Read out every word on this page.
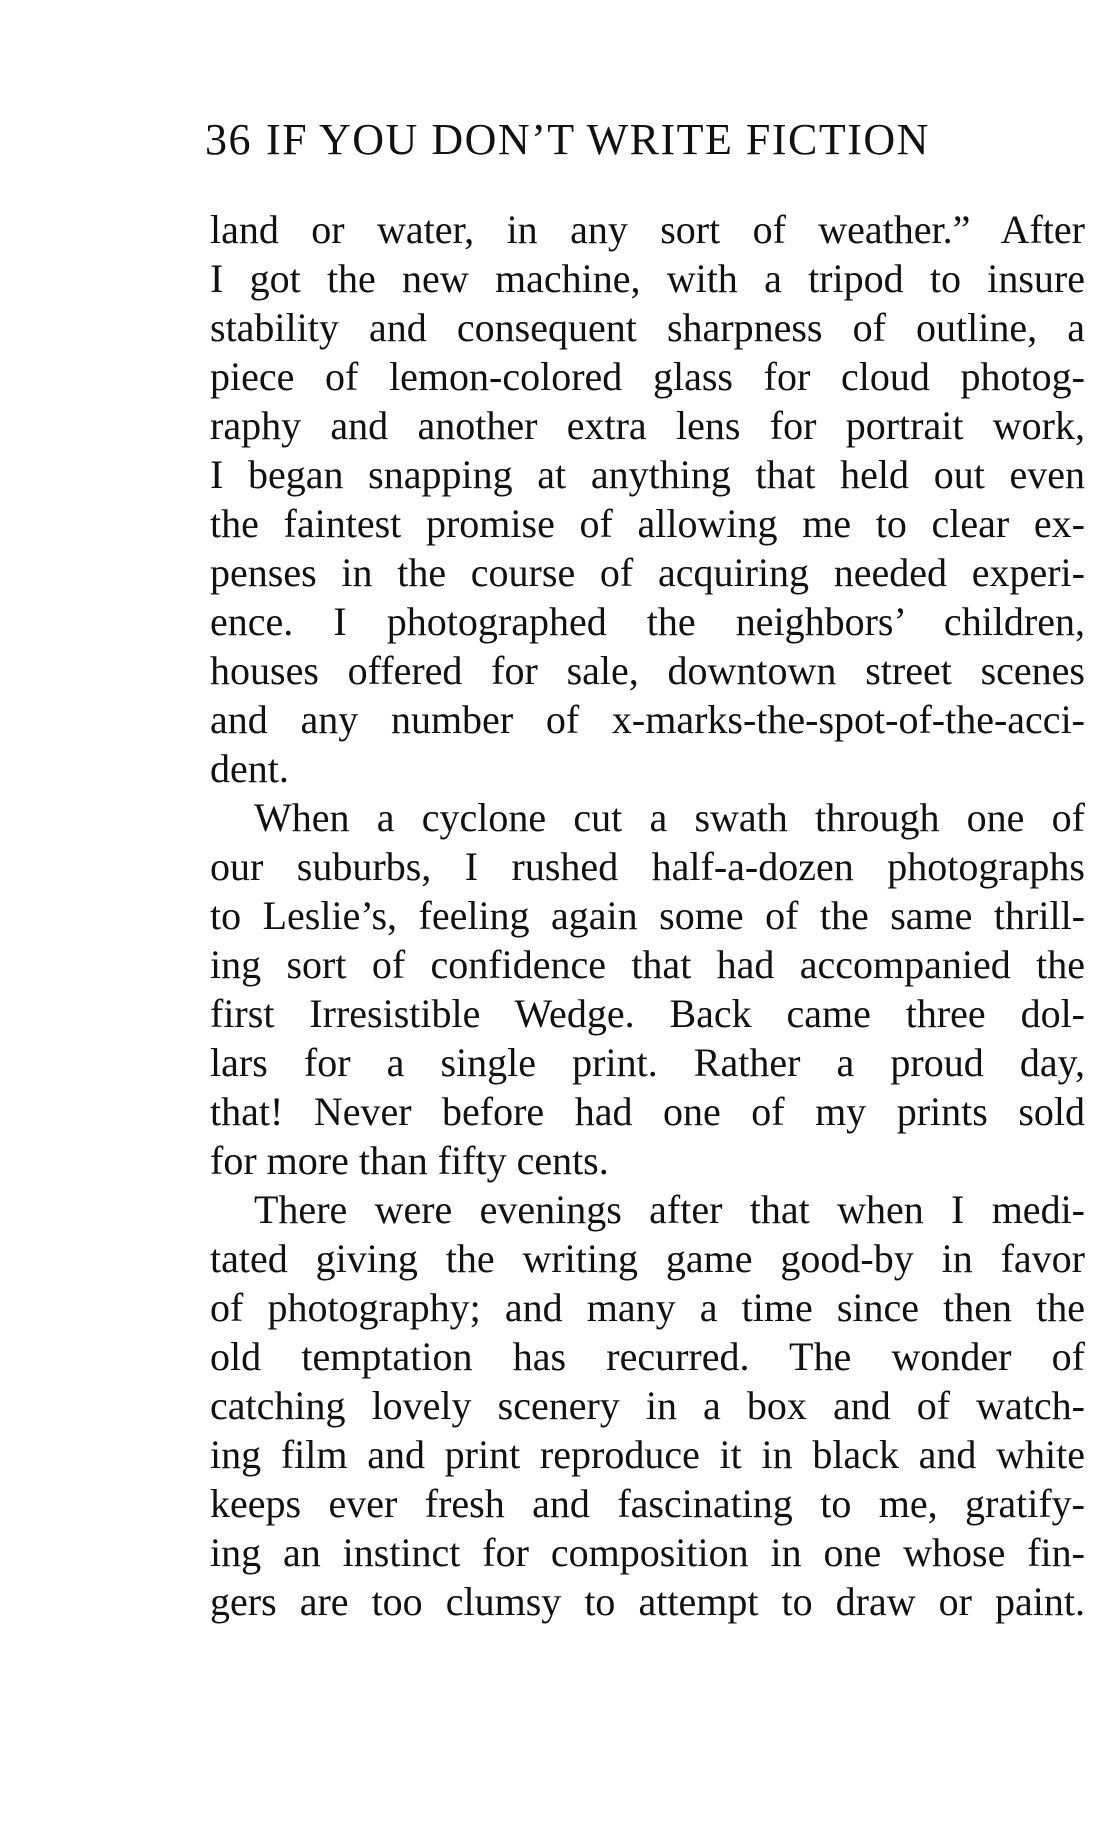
36 IF YOU DON’T WRITE FICTION
land or water, in any sort of weather.” After
I got the new machine, with a tripod to insure
stability and consequent sharpness of outline, a
piece of lemon-colored glass for cloud photog-
raphy and another extra lens for portrait work,
I began snapping at anything that held out even
the faintest promise of allowing me to clear ex-
penses in the course of acquiring needed experi-
ence. I photographed the neighbors’ children,
houses offered for sale, downtown street scenes
and any number of x-marks-the-spot-of-the-acci-
dent.
When a cyclone cut a swath through one of
our suburbs, I rushed half-a-dozen photographs
to Leslie’s, feeling again some of the same thrill-
ing sort of confidence that had accompanied the
first Irresistible Wedge. Back came three dol-
lars for a single print. Rather a proud day,
that! Never before had one of my prints sold
for more than fifty cents.
There were evenings after that when I medi-
tated giving the writing game good-by in favor
of photography; and many a time since then the
old temptation has recurred. The wonder of
catching lovely scenery in a box and of watch-
ing film and print reproduce it in black and white
keeps ever fresh and fascinating to me, gratify-
ing an instinct for composition in one whose fin-
gers are too clumsy to attempt to draw or paint.
